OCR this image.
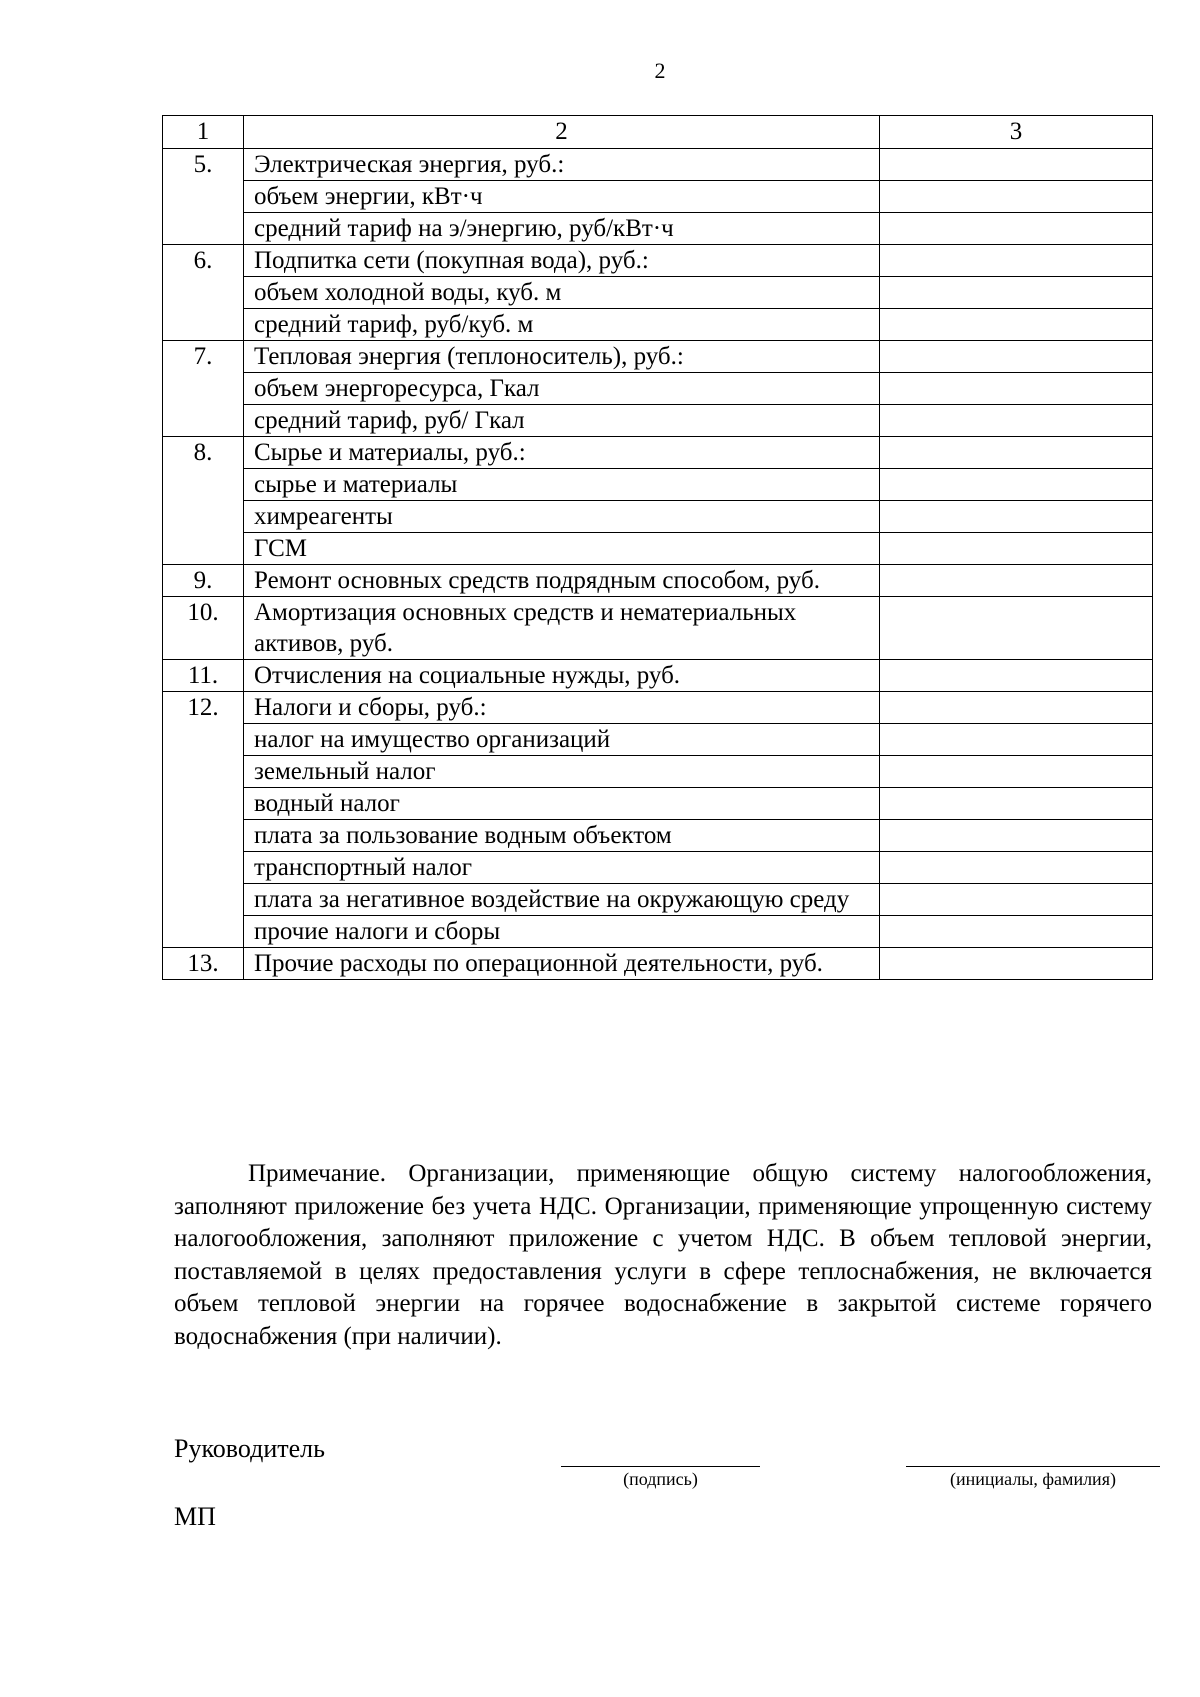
2
1	2	3
5.	Электрическая энергия, руб.:	
	объем энергии, кВт·ч	
	средний тариф на э/энергию, руб/кВт·ч	
6.	Подпитка сети (покупная вода), руб.:	
	объем холодной воды, куб. м	
	средний тариф, руб/куб. м	
7.	Тепловая энергия (теплоноситель), руб.:	
	объем энергоресурса, Гкал	
	средний тариф, руб/ Гкал	
8.	Сырье и материалы, руб.:	
	сырье и материалы	
	химреагенты	
	ГСМ	
9.	Ремонт основных средств подрядным способом, руб.	
10.	Амортизация основных средств и нематериальных активов, руб.	
11.	Отчисления на социальные нужды, руб.	
12.	Налоги и сборы, руб.:	
	налог на имущество организаций	
	земельный налог	
	водный налог	
	плата за пользование водным объектом	
	транспортный налог	
	плата за негативное воздействие на окружающую среду	
	прочие налоги и сборы	
13.	Прочие расходы по операционной деятельности, руб.	
Примечание. Организации, применяющие общую систему налогообложения, заполняют приложение без учета НДС. Организации, применяющие упрощенную систему налогообложения, заполняют приложение с учетом НДС. В объем тепловой энергии, поставляемой в целях предоставления услуги в сфере теплоснабжения, не включается объем тепловой энергии на горячее водоснабжение в закрытой системе горячего водоснабжения (при наличии).
Руководитель
(подпись)	(инициалы, фамилия)
МП
